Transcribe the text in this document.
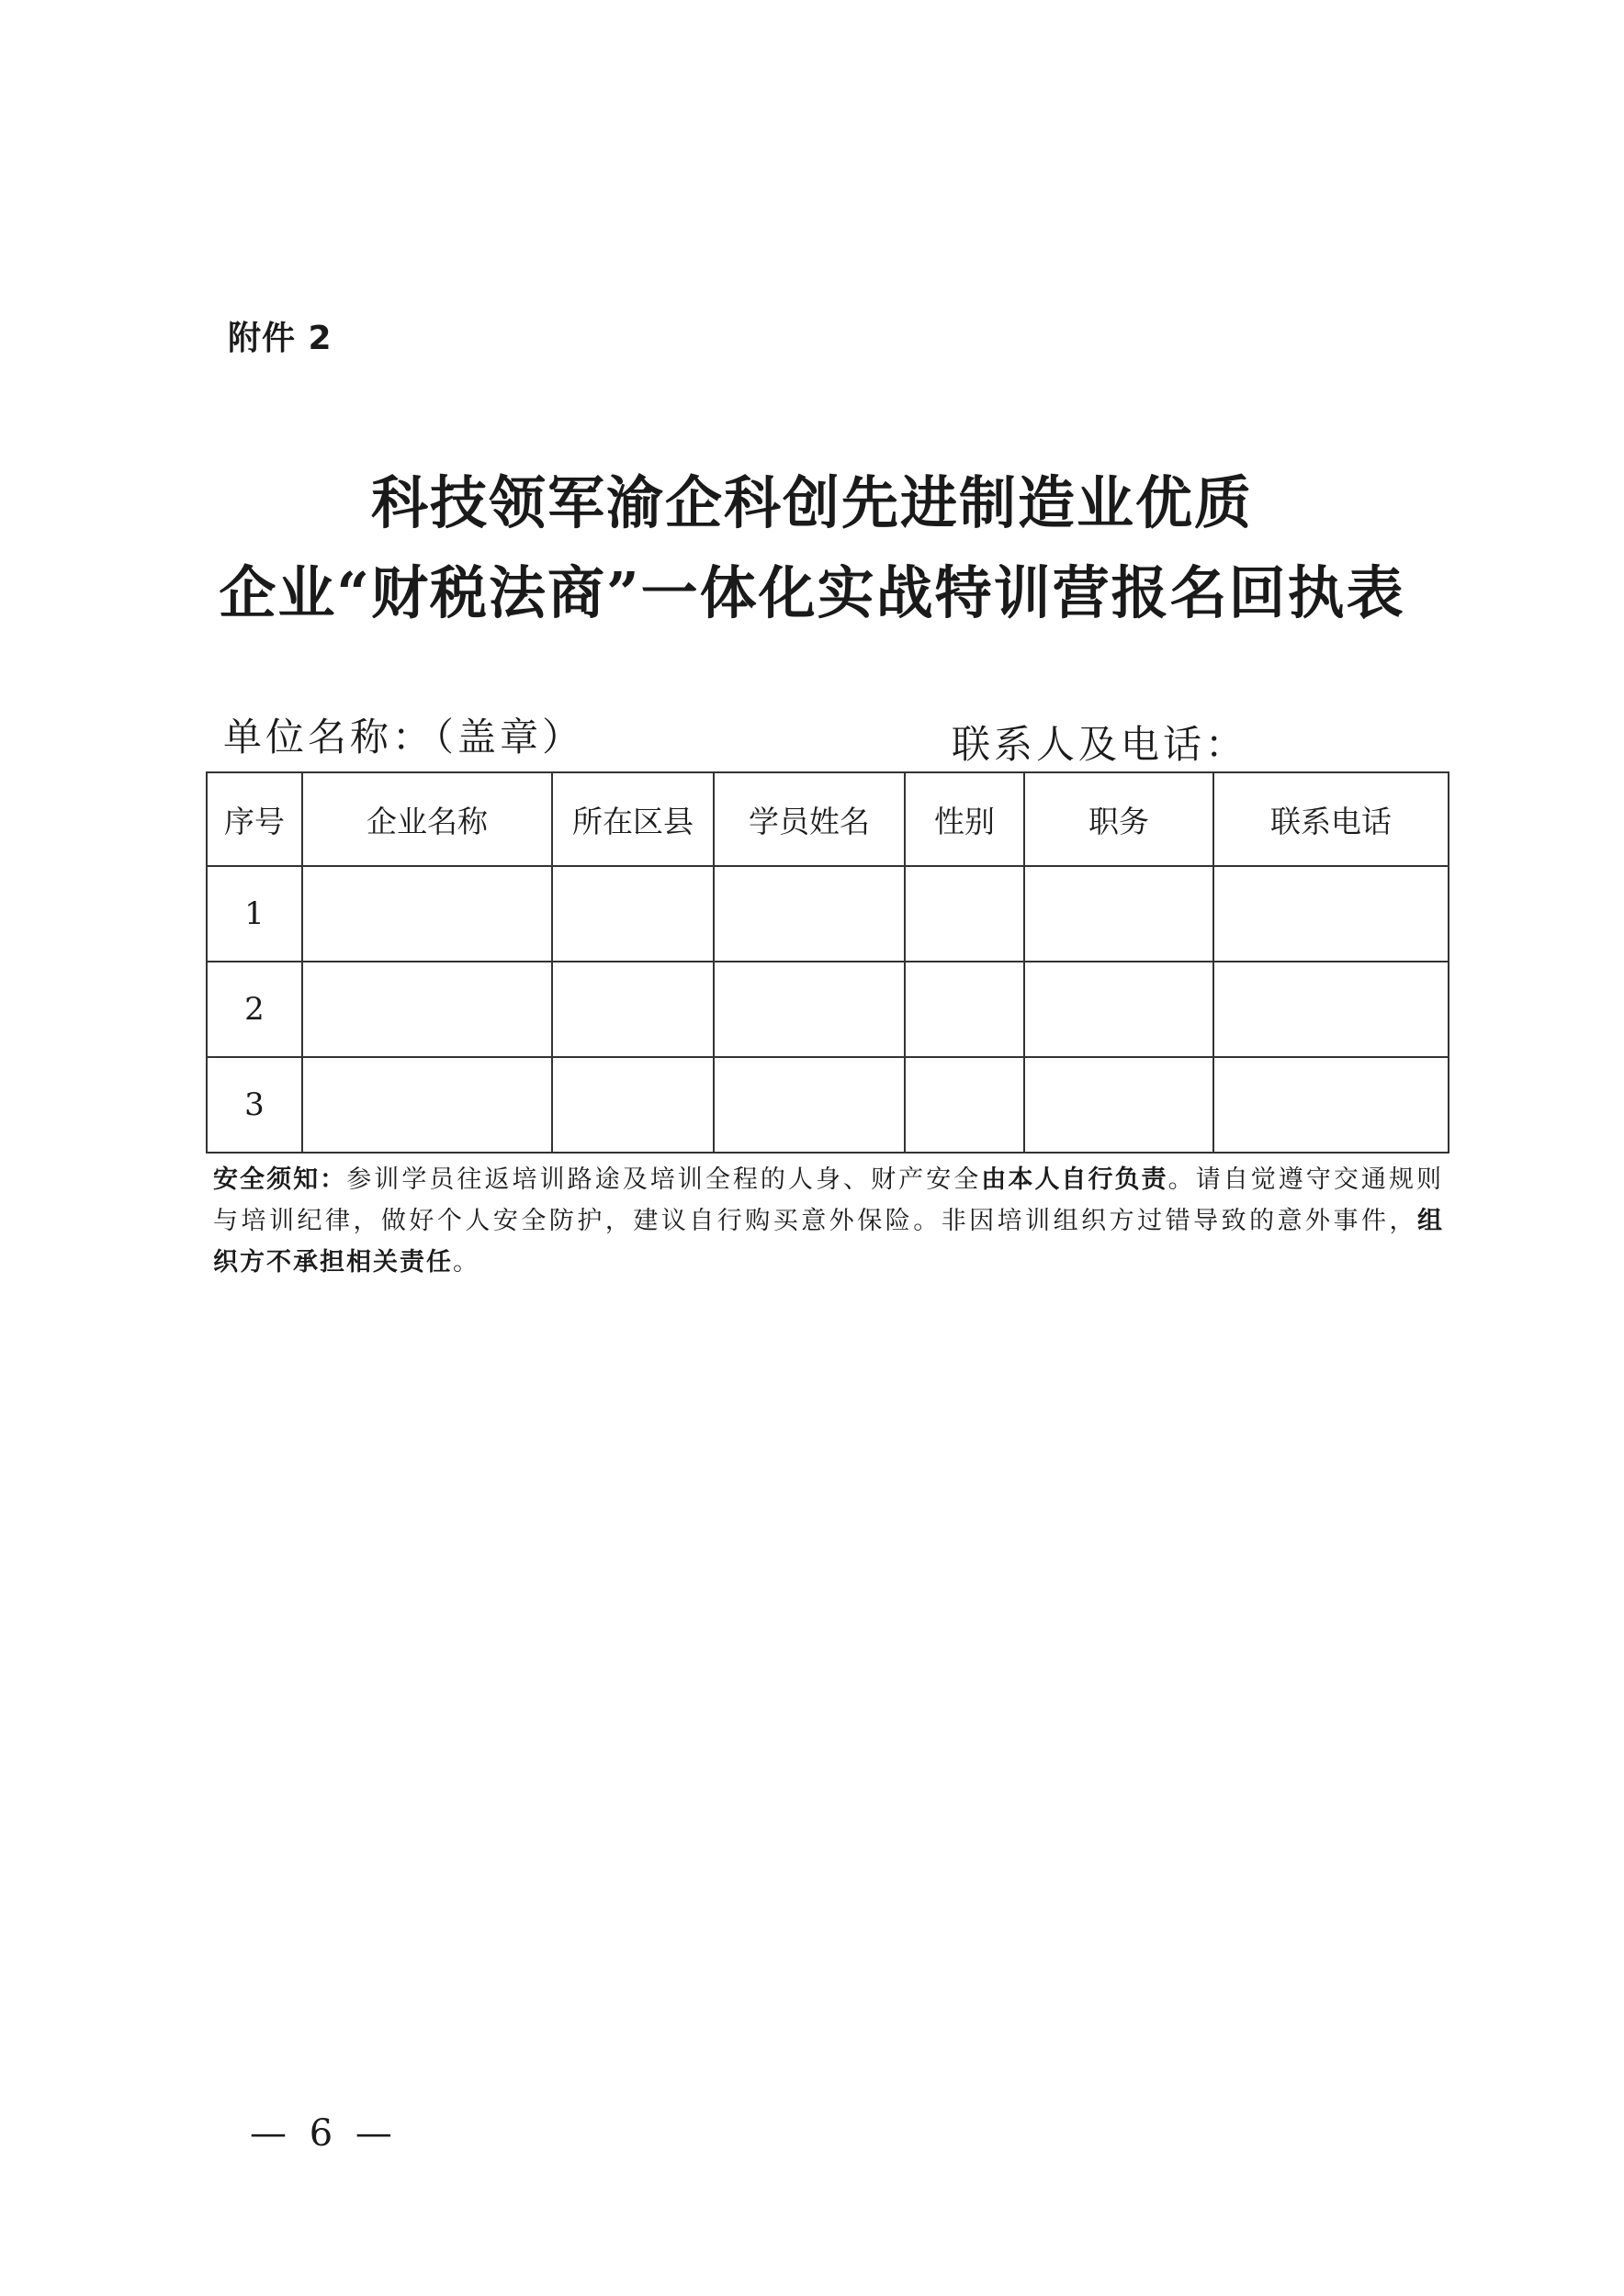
附件 2
科技领军渝企科创先进制造业优质
企业“财税法商”一体化实战特训营报名回执表
单位名称：（盖章）	联系人及电话：
序号	企业名称	所在区县	学员姓名	性别	职务	联系电话
1						
2						
3						
安全须知：参训学员往返培训路途及培训全程的人身、财产安全由本人自行负责。请自觉遵守交通规则与培训纪律，做好个人安全防护，建议自行购买意外保险。非因培训组织方过错导致的意外事件，组织方不承担相关责任。
— 6 —
